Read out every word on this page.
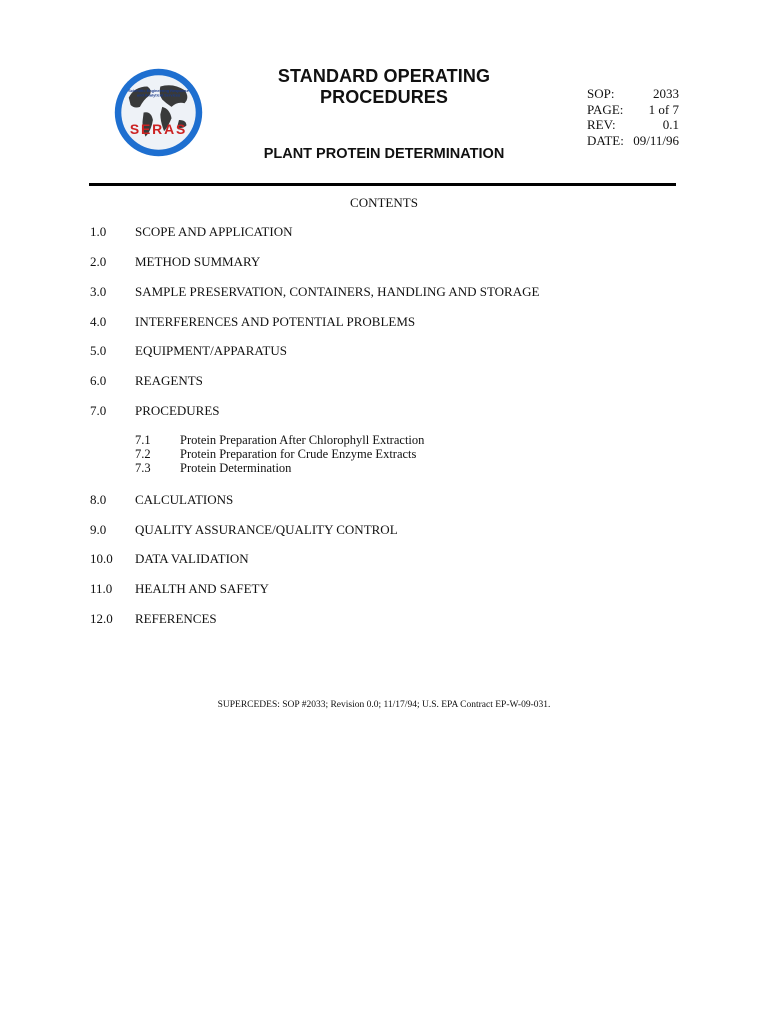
Scientific Engineering Response
and Analytical Services
SERAS
STANDARD OPERATING PROCEDURES	SOP:	2033
PAGE: 1 of 7
REV:	0.1
DATE: 09/11/96
PLANT PROTEIN DETERMINATION
CONTENTS
1.0 SCOPE AND APPLICATION
2.0 METHOD SUMMARY
3.0 SAMPLE PRESERVATION, CONTAINERS, HANDLING AND STORAGE
4.0 INTERFERENCES AND POTENTIAL PROBLEMS
5.0 EQUIPMENT/APPARATUS
6.0 REAGENTS
7.0 PROCEDURES
7.1 Protein Preparation After Chlorophyll Extraction
7.2 Protein Preparation for Crude Enzyme Extracts
7.3 Protein Determination
8.0 CALCULATIONS
9.0 QUALITY ASSURANCE/QUALITY CONTROL
10.0 DATA VALIDATION
11.0 HEALTH AND SAFETY
12.0 REFERENCES
SUPERCEDES: SOP #2033; Revision 0.0; 11/17/94; U.S. EPA Contract EP-W-09-031.
